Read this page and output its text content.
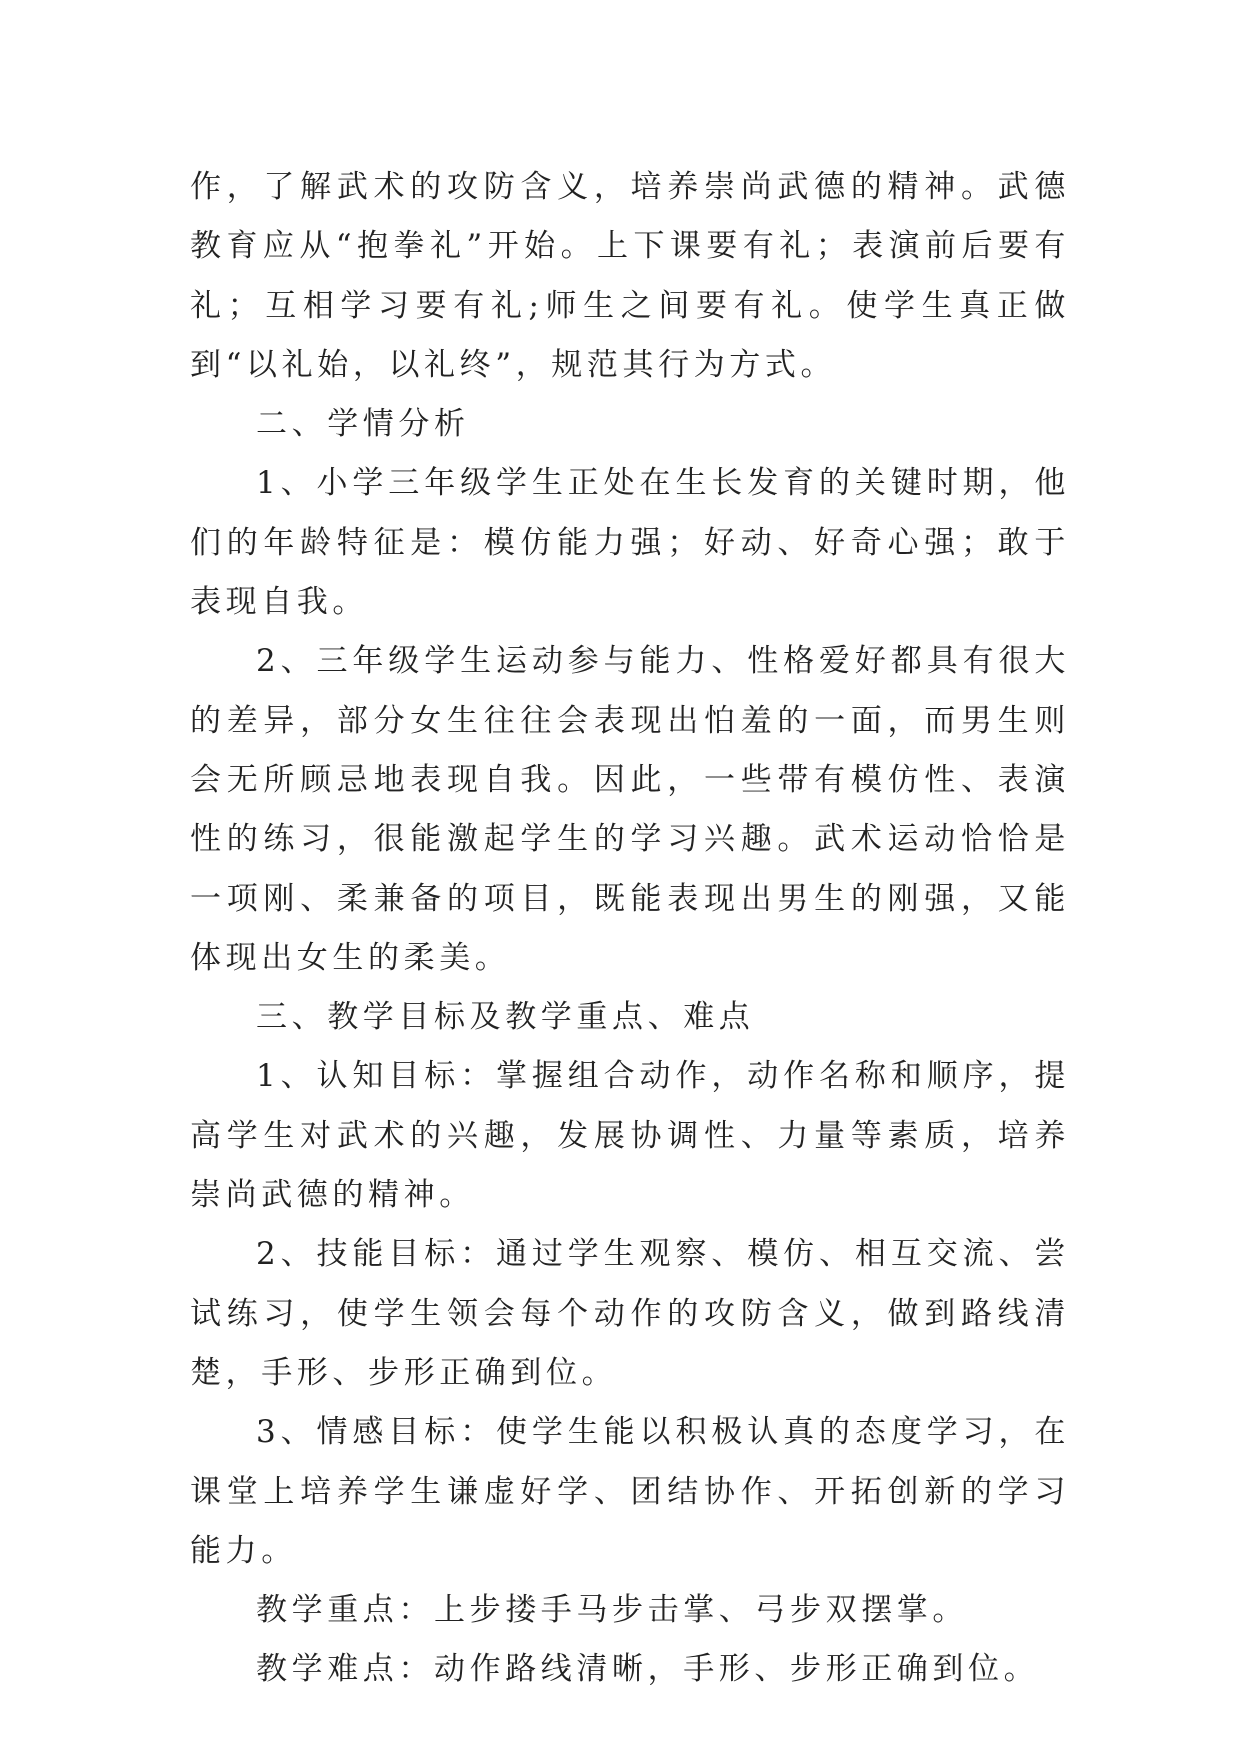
作，了解武术的攻防含义，培养崇尚武德的精神。武德教育应从“抱拳礼”开始。上下课要有礼；表演前后要有礼；互相学习要有礼;师生之间要有礼。使学生真正做到“以礼始，以礼终”，规范其行为方式。

二、学情分析

1、小学三年级学生正处在生长发育的关键时期，他们的年龄特征是：模仿能力强；好动、好奇心强；敢于表现自我。

2、三年级学生运动参与能力、性格爱好都具有很大的差异，部分女生往往会表现出怕羞的一面，而男生则会无所顾忌地表现自我。因此，一些带有模仿性、表演性的练习，很能激起学生的学习兴趣。武术运动恰恰是一项刚、柔兼备的项目，既能表现出男生的刚强，又能体现出女生的柔美。

三、教学目标及教学重点、难点

1、认知目标：掌握组合动作，动作名称和顺序，提高学生对武术的兴趣，发展协调性、力量等素质，培养崇尚武德的精神。

2、技能目标：通过学生观察、模仿、相互交流、尝试练习，使学生领会每个动作的攻防含义，做到路线清楚，手形、步形正确到位。

3、情感目标：使学生能以积极认真的态度学习，在课堂上培养学生谦虚好学、团结协作、开拓创新的学习能力。

教学重点：上步搂手马步击掌、弓步双摆掌。

教学难点：动作路线清晰，手形、步形正确到位。
